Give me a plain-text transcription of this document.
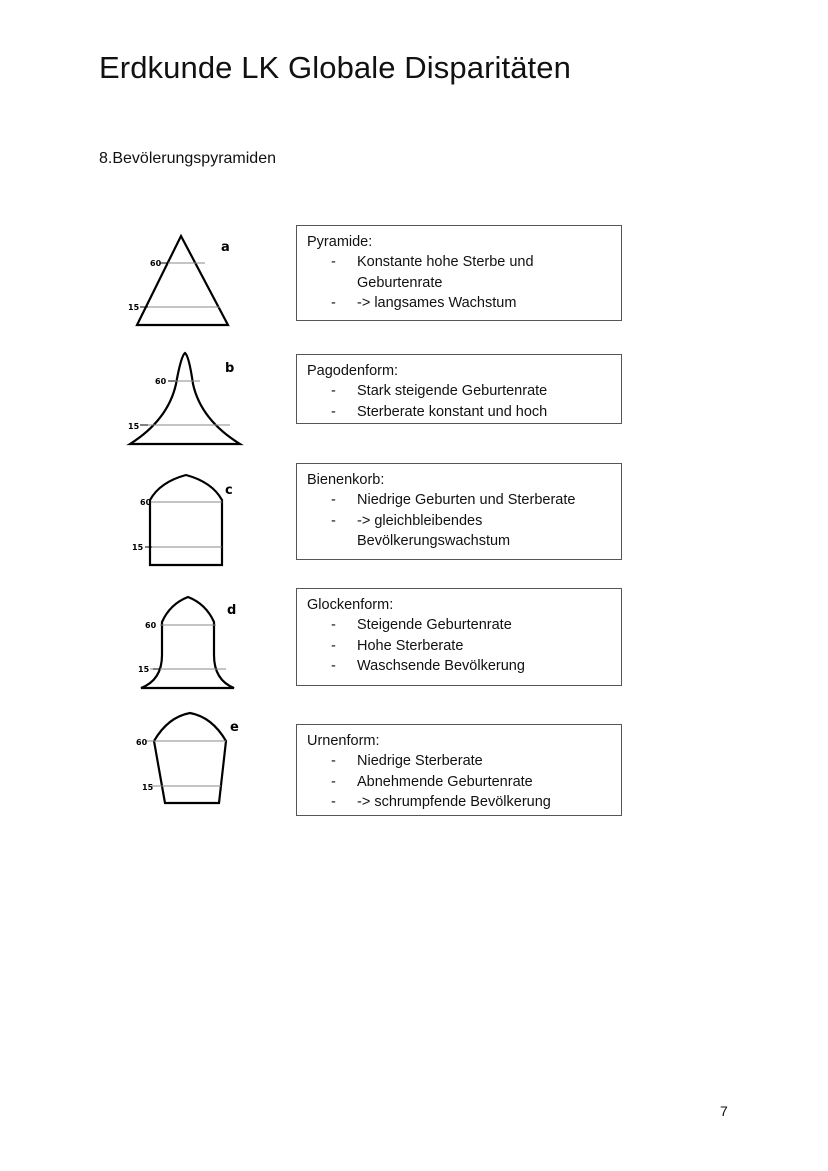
Erdkunde LK Globale Disparitäten
8.Bevölerungspyramiden
60
15
a
60
15
b
60
15
c
60
15
d
60
15
e
Pyramide:
- Konstante hohe Sterbe und Geburtenrate
- -> langsames Wachstum
Pagodenform:
- Stark steigende Geburtenrate
- Sterberate konstant und hoch
Bienenkorb:
- Niedrige Geburten und Sterberate
- -> gleichbleibendes Bevölkerungswachstum
Glockenform:
- Steigende Geburtenrate
- Hohe Sterberate
- Waschsende Bevölkerung
Urnenform:
- Niedrige Sterberate
- Abnehmende Geburtenrate
- -> schrumpfende Bevölkerung
7
